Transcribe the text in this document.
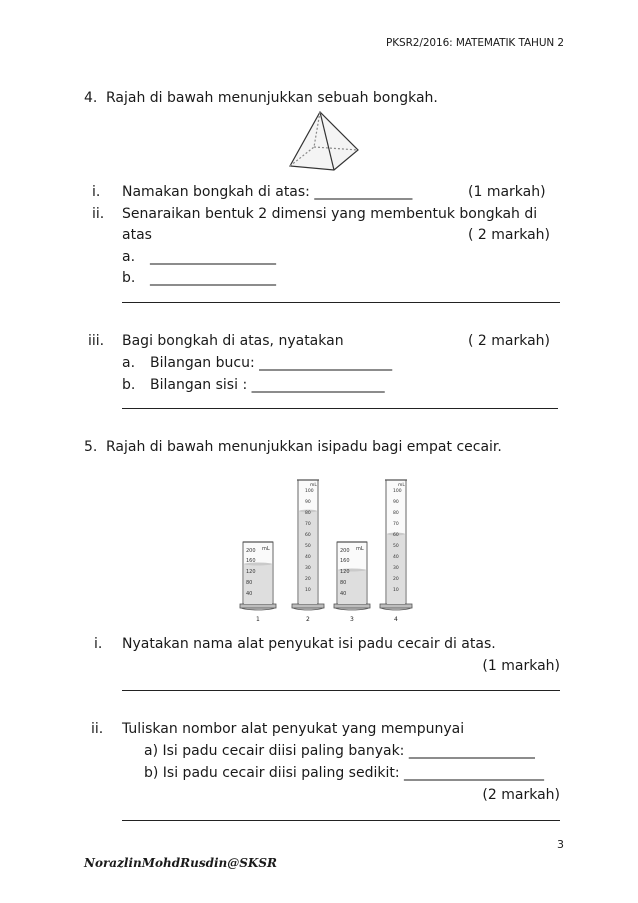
PKSR2/2016: MATEMATIK TAHUN 2
4. Rajah di bawah menunjukkan sebuah bongkah.
i. Namakan bongkah di atas: ______________	(1 markah)
ii. Senaraikan bentuk 2 dimensi yang membentuk bongkah di
atas	( 2 markah)
a. __________________
b. __________________
iii. Bagi bongkah di atas, nyatakan	( 2 markah)
a. Bilangan bucu: ___________________
b. Bilangan sisi : ___________________
5. Rajah di bawah menunjukkan isipadu bagi empat cecair.
200
160
120
80
40
mL
mL
100
90
80
70
60
50
40
30
20
10
200
160
120
80
40
mL
mL
100
90
80
70
60
50
40
30
20
10
1	2	3	4
i. Nyatakan nama alat penyukat isi padu cecair di atas.
(1 markah)
ii. Tuliskan nombor alat penyukat yang mempunyai
a) Isi padu cecair diisi paling banyak: __________________
b) Isi padu cecair diisi paling sedikit: ____________________
(2 markah)
3
NorazlinMohdRusdin@SKSR
